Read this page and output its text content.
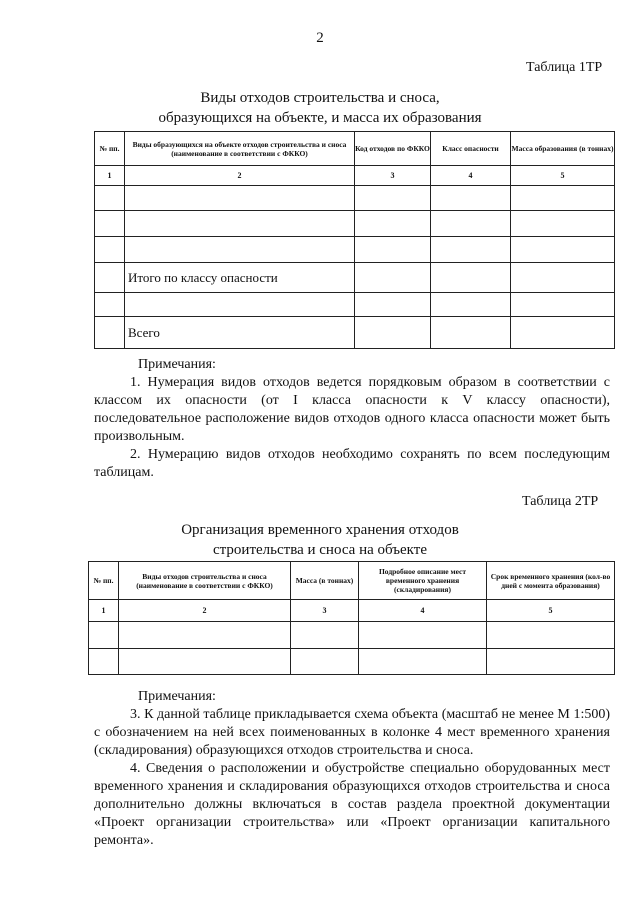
2
Таблица 1ТР
Виды отходов строительства и сноса,
образующихся на объекте, и масса их образования
№ пп.	Виды образующихся на объекте отходов строительства и сноса (наименование в соответствии с ФККО)	Код отходов по ФККО	Класс опасности	Масса образования (в тоннах)
1	2	3	4	5

	Итого по классу опасности			

	Всего			

Примечания:

1. Нумерация видов отходов ведется порядковым образом в соответствии с классом их опасности (от I класса опасности к V классу опасности), последовательное расположение видов отходов одного класса опасности может быть произвольным.

2. Нумерацию видов отходов необходимо сохранять по всем последующим таблицам.

Таблица 2ТР
Организация временного хранения отходов
строительства и сноса на объекте
№ пп.	Виды отходов строительства и сноса (наименование в соответствии с ФККО)	Масса (в тоннах)	Подробное описание мест временного хранения (складирования)	Срок временного хранения (кол-во дней с момента образования)
1	2	3	4	5

Примечания:

3. К данной таблице прикладывается схема объекта (масштаб не менее М 1:500) с обозначением на ней всех поименованных в колонке 4 мест временного хранения (складирования) образующихся отходов строительства и сноса.

4. Сведения о расположении и обустройстве специально оборудованных мест временного хранения и складирования образующихся отходов строительства и сноса дополнительно должны включаться в состав раздела проектной документации «Проект организации строительства» или «Проект организации капитального ремонта».
